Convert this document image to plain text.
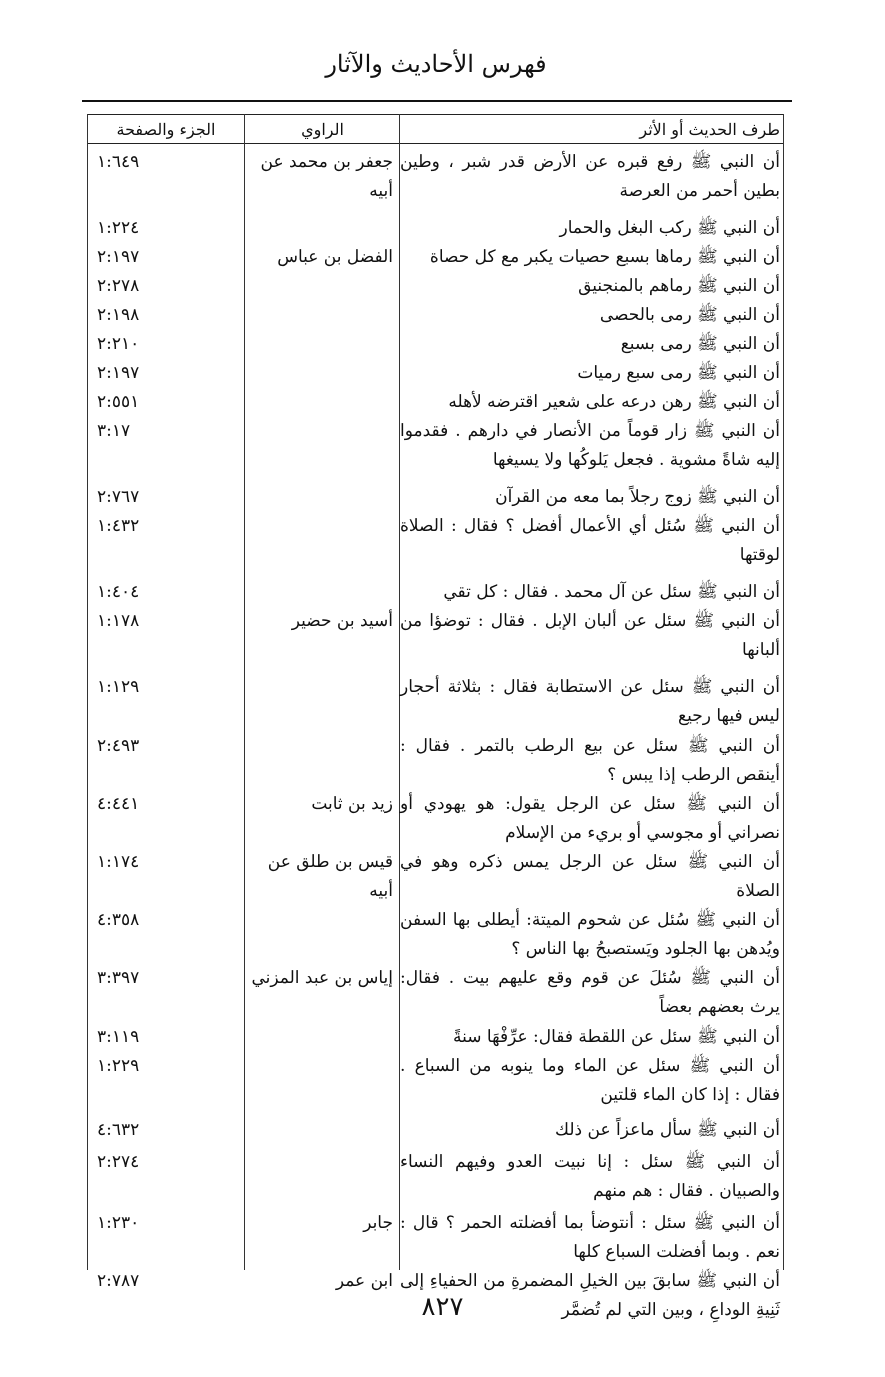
فهرس الأحاديث والآثار
طرف الحديث أو الأثر
الراوي
الجزء والصفحة
أن النبي ﷺ رفع قبره عن الأرض قدر شبر ، وطين بطين أحمر من العرصة
جعفر بن محمد عن أبيه
١:٦٤٩
أن النبي ﷺ ركب البغل والحمار
١:٢٢٤
أن النبي ﷺ رماها بسبع حصيات يكبر مع كل حصاة
الفضل بن عباس
٢:١٩٧
أن النبي ﷺ رماهم بالمنجنيق
٢:٢٧٨
أن النبي ﷺ رمى بالحصى
٢:١٩٨
أن النبي ﷺ رمى بسبع
٢:٢١٠
أن النبي ﷺ رمى سبع رميات
٢:١٩٧
أن النبي ﷺ رهن درعه على شعير اقترضه لأهله
٢:٥٥١
أن النبي ﷺ زار قوماً من الأنصار في دارهم . فقدموا إليه شاةً مشوية . فجعل يَلوكُها ولا يسيغها
٣:١٧
أن النبي ﷺ زوج رجلاً بما معه من القرآن
٢:٧٦٧
أن النبي ﷺ سُئل أي الأعمال أفضل ؟ فقال : الصلاة لوقتها
١:٤٣٢
أن النبي ﷺ سئل عن آل محمد . فقال : كل تقي
١:٤٠٤
أن النبي ﷺ سئل عن ألبان الإبل . فقال : توضؤا من ألبانها
أسيد بن حضير
١:١٧٨
أن النبي ﷺ سئل عن الاستطابة فقال : بثلاثة أحجار ليس فيها رجيع
١:١٢٩
أن النبي ﷺ سئل عن بيع الرطب بالتمر . فقال : أينقص الرطب إذا يبس ؟
٢:٤٩٣
أن النبي ﷺ سئل عن الرجل يقول: هو يهودي أو نصراني أو مجوسي أو بريء من الإسلام
زيد بن ثابت
٤:٤٤١
أن النبي ﷺ سئل عن الرجل يمس ذكره وهو في الصلاة
قيس بن طلق عن أبيه
١:١٧٤
أن النبي ﷺ سُئل عن شحوم الميتة: أيطلى بها السفن ويُدهن بها الجلود ويَستصبحُ بها الناس ؟
٤:٣٥٨
أن النبي ﷺ سُئلَ عن قوم وقع عليهم بيت . فقال: يرث بعضهم بعضاً
إياس بن عبد المزني
٣:٣٩٧
أن النبي ﷺ سئل عن اللقطة فقال: عرِّفْهَا سنةً
٣:١١٩
أن النبي ﷺ سئل عن الماء وما ينوبه من السباع . فقال : إذا كان الماء قلتين
١:٢٢٩
أن النبي ﷺ سأل ماعزاً عن ذلك
٤:٦٣٢
أن النبي ﷺ سئل : إنا نبيت العدو وفيهم النساء والصبيان . فقال : هم منهم
٢:٢٧٤
أن النبي ﷺ سئل : أنتوضأ بما أفضلته الحمر ؟ قال : نعم . وبما أفضلت السباع كلها
جابر
١:٢٣٠
أن النبي ﷺ سابقَ بين الخيلِ المضمرةِ من الحفياءِ إلى ثَنِيةِ الوداعِ ، وبين التي لم تُضمَّر
ابن عمر
٢:٧٨٧
٨٢٧
